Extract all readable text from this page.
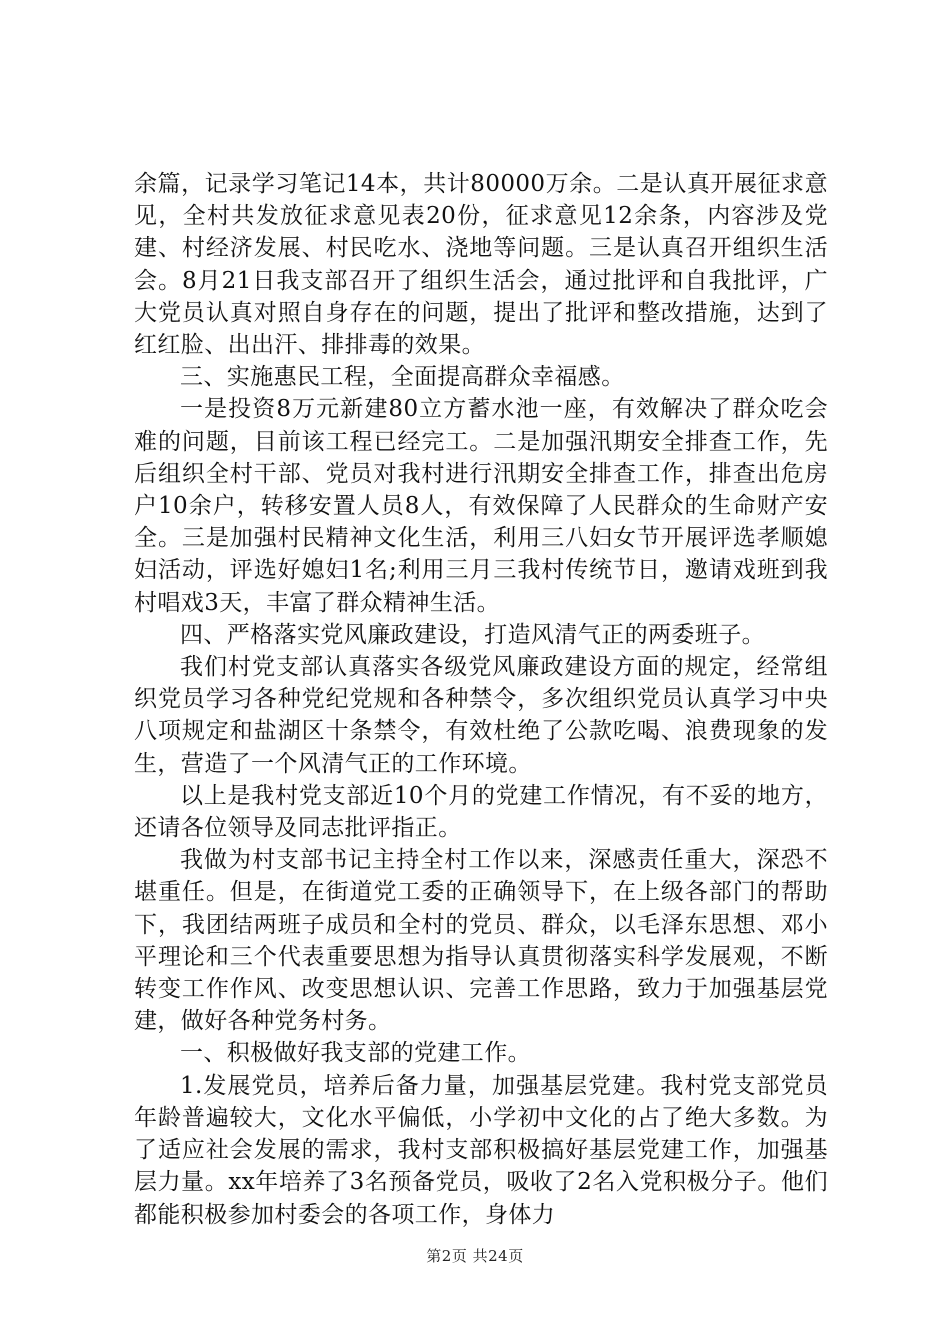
余篇，记录学习笔记14本，共计80000万余。二是认真开展征求意见，全村共发放征求意见表20份，征求意见12余条，内容涉及党建、村经济发展、村民吃水、浇地等问题。三是认真召开组织生活会。8月21日我支部召开了组织生活会，通过批评和自我批评，广大党员认真对照自身存在的问题，提出了批评和整改措施，达到了红红脸、出出汗、排排毒的效果。

三、实施惠民工程，全面提高群众幸福感。

一是投资8万元新建80立方蓄水池一座，有效解决了群众吃会难的问题，目前该工程已经完工。二是加强汛期安全排查工作，先后组织全村干部、党员对我村进行汛期安全排查工作，排查出危房户10余户，转移安置人员8人，有效保障了人民群众的生命财产安全。三是加强村民精神文化生活，利用三八妇女节开展评选孝顺媳妇活动，评选好媳妇1名;利用三月三我村传统节日，邀请戏班到我村唱戏3天，丰富了群众精神生活。

四、严格落实党风廉政建设，打造风清气正的两委班子。

我们村党支部认真落实各级党风廉政建设方面的规定，经常组织党员学习各种党纪党规和各种禁令，多次组织党员认真学习中央八项规定和盐湖区十条禁令，有效杜绝了公款吃喝、浪费现象的发生，营造了一个风清气正的工作环境。

以上是我村党支部近10个月的党建工作情况，有不妥的地方，还请各位领导及同志批评指正。

我做为村支部书记主持全村工作以来，深感责任重大，深恐不堪重任。但是，在街道党工委的正确领导下，在上级各部门的帮助下，我团结两班子成员和全村的党员、群众，以毛泽东思想、邓小平理论和三个代表重要思想为指导认真贯彻落实科学发展观，不断转变工作作风、改变思想认识、完善工作思路，致力于加强基层党建，做好各种党务村务。

一、积极做好我支部的党建工作。

1.发展党员，培养后备力量，加强基层党建。我村党支部党员年龄普遍较大，文化水平偏低，小学初中文化的占了绝大多数。为了适应社会发展的需求，我村支部积极搞好基层党建工作，加强基层力量。xx年培养了3名预备党员，吸收了2名入党积极分子。他们都能积极参加村委会的各项工作，身体力

第2页 共24页
